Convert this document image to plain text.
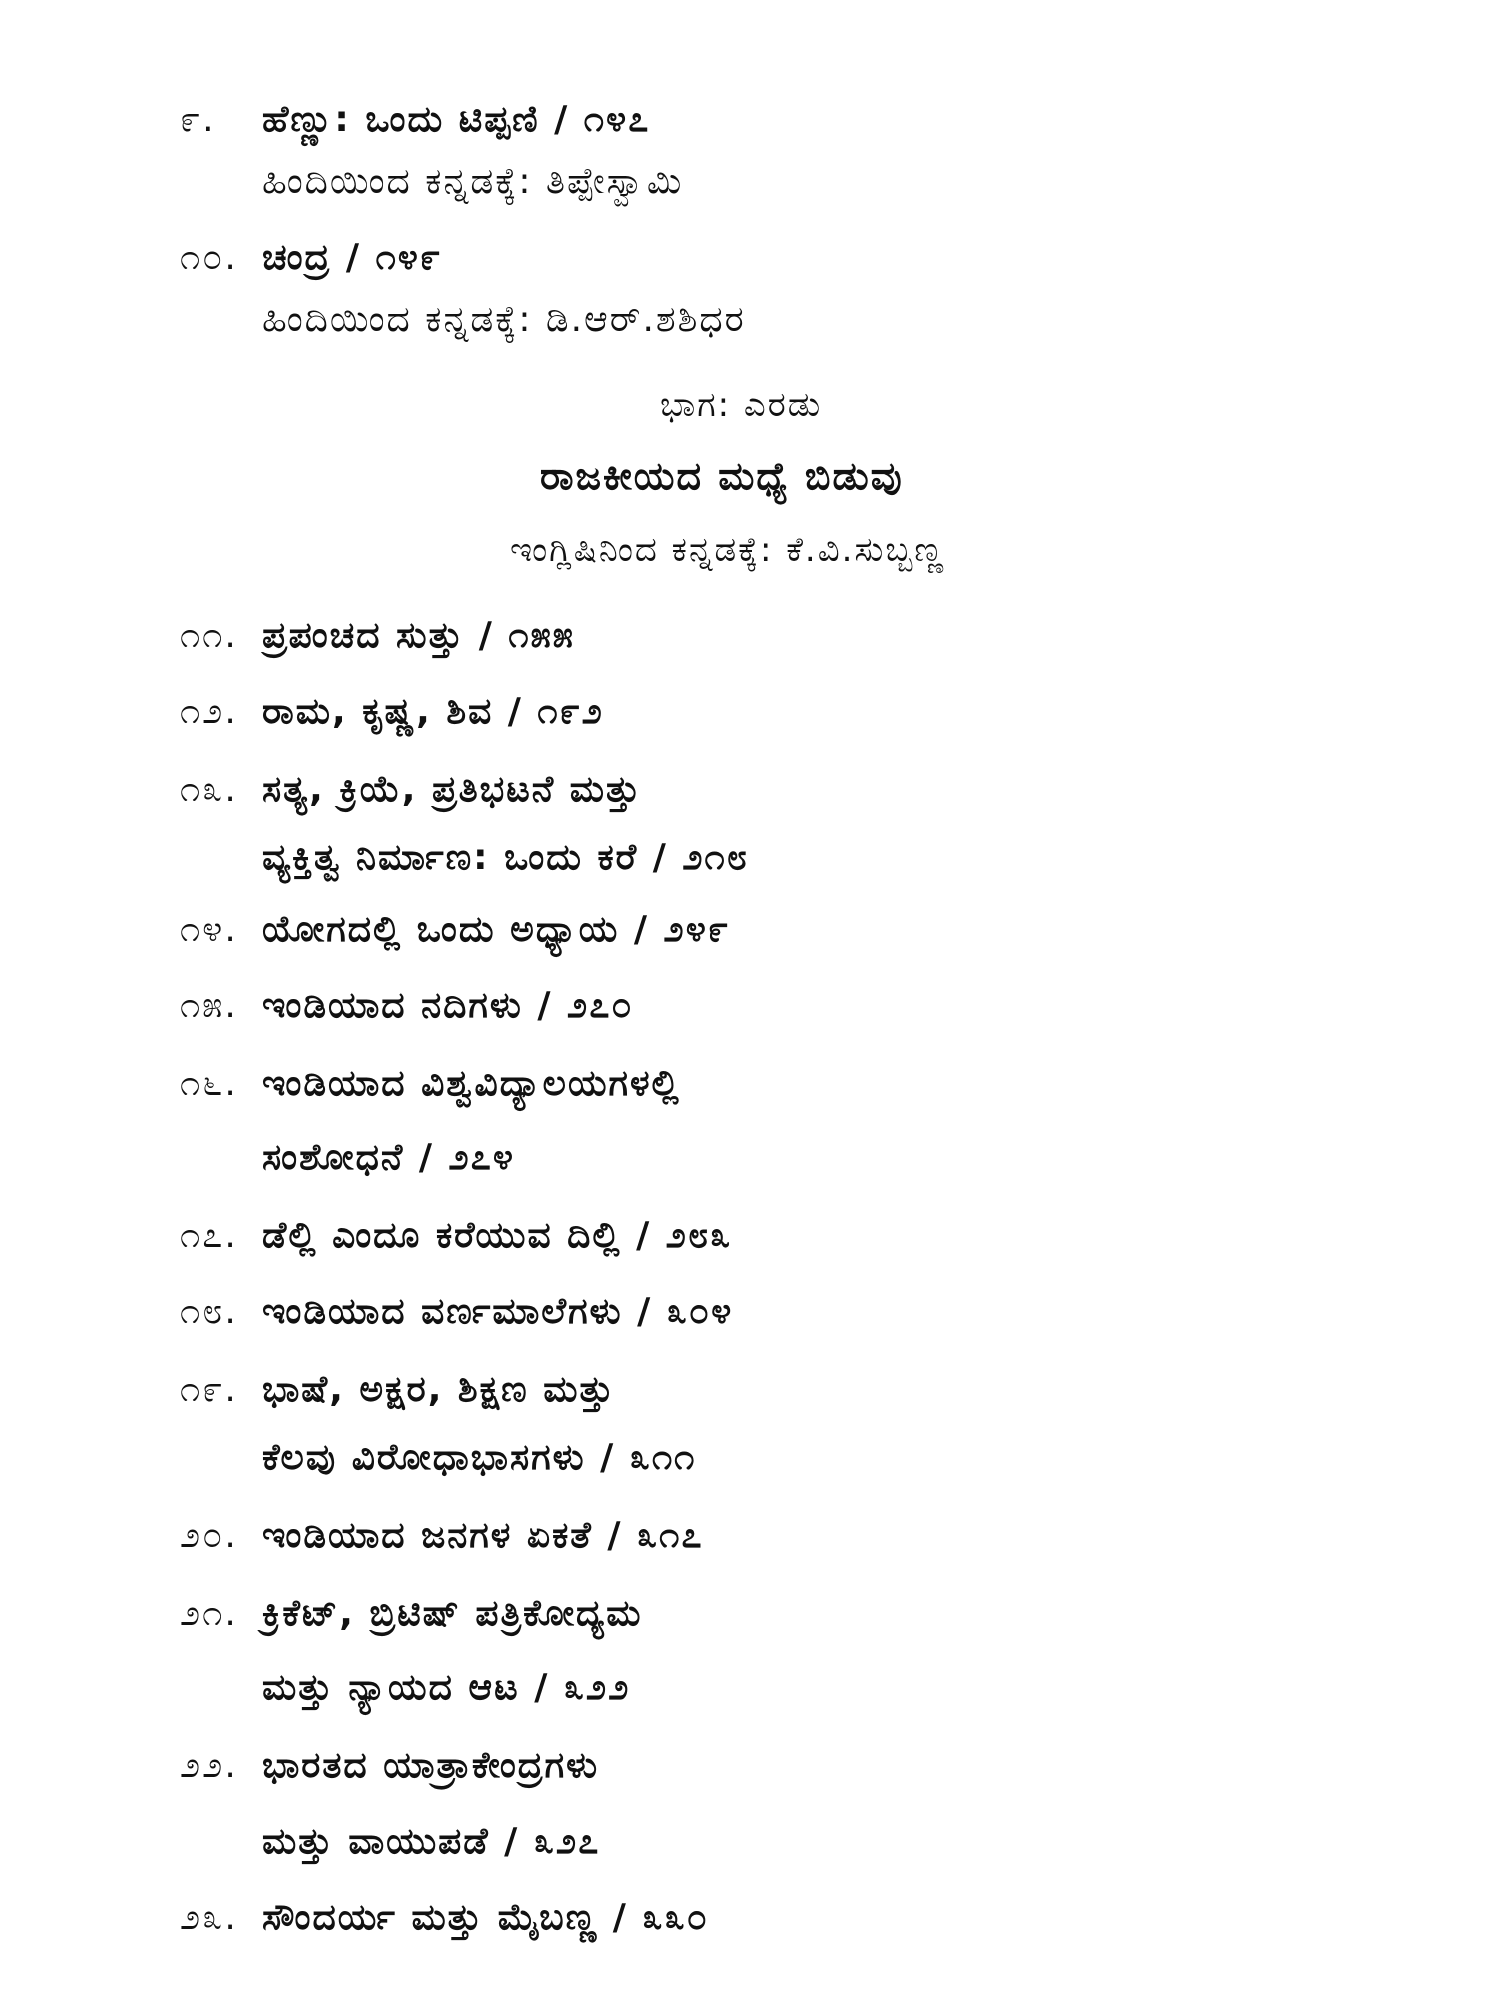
೯. ಹೆಣ್ಣು: ಒಂದು ಟಿಪ್ಪಣಿ / ೧೪೭
ಹಿಂದಿಯಿಂದ ಕನ್ನಡಕ್ಕೆ: ತಿಪ್ಪೇಸ್ವಾಮಿ
೧೦. ಚಂದ್ರ / ೧೪೯
ಹಿಂದಿಯಿಂದ ಕನ್ನಡಕ್ಕೆ: ಡಿ.ಆರ್.ಶಶಿಧರ
ಭಾಗ: ಎರಡು
ರಾಜಕೀಯದ ಮಧ್ಯೆ ಬಿಡುವು
ಇಂಗ್ಲಿಷಿನಿಂದ ಕನ್ನಡಕ್ಕೆ: ಕೆ.ವಿ.ಸುಬ್ಬಣ್ಣ
೧೧. ಪ್ರಪಂಚದ ಸುತ್ತು / ೧೫೫
೧೨. ರಾಮ, ಕೃಷ್ಣ, ಶಿವ / ೧೯೨
೧೩. ಸತ್ಯ, ಕ್ರಿಯೆ, ಪ್ರತಿಭಟನೆ ಮತ್ತು
ವ್ಯಕ್ತಿತ್ವ ನಿರ್ಮಾಣ: ಒಂದು ಕರೆ / ೨೧೮
೧೪. ಯೋಗದಲ್ಲಿ ಒಂದು ಅಧ್ಯಾಯ / ೨೪೯
೧೫. ಇಂಡಿಯಾದ ನದಿಗಳು / ೨೭೦
೧೬. ಇಂಡಿಯಾದ ವಿಶ್ವವಿದ್ಯಾಲಯಗಳಲ್ಲಿ
ಸಂಶೋಧನೆ / ೨೭೪
೧೭. ಡೆಲ್ಲಿ ಎಂದೂ ಕರೆಯುವ ದಿಲ್ಲಿ / ೨೮೩
೧೮. ಇಂಡಿಯಾದ ವರ್ಣಮಾಲೆಗಳು / ೩೦೪
೧೯. ಭಾಷೆ, ಅಕ್ಷರ, ಶಿಕ್ಷಣ ಮತ್ತು
ಕೆಲವು ವಿರೋಧಾಭಾಸಗಳು / ೩೧೧
೨೦. ಇಂಡಿಯಾದ ಜನಗಳ ಏಕತೆ / ೩೧೭
೨೧. ಕ್ರಿಕೆಟ್, ಬ್ರಿಟಿಷ್ ಪತ್ರಿಕೋದ್ಯಮ
ಮತ್ತು ನ್ಯಾಯದ ಆಟ / ೩೨೨
೨೨. ಭಾರತದ ಯಾತ್ರಾಕೇಂದ್ರಗಳು
ಮತ್ತು ವಾಯುಪಡೆ / ೩೨೭
೨೩. ಸೌಂದರ್ಯ ಮತ್ತು ಮೈಬಣ್ಣ / ೩೩೦
